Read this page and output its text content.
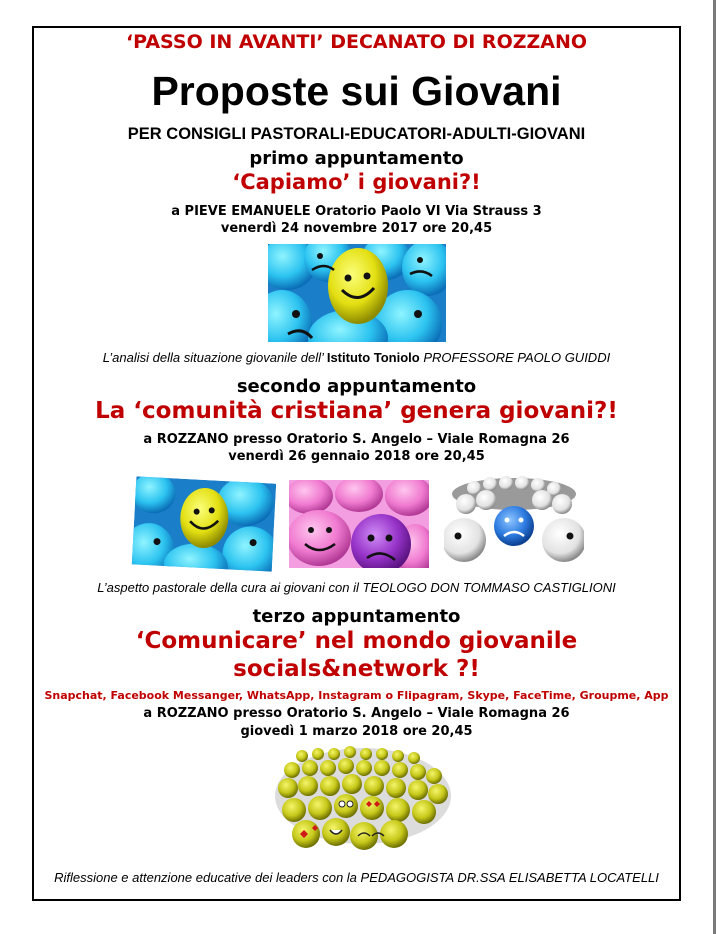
‘PASSO IN AVANTI’ DECANATO DI ROZZANO
Proposte sui Giovani
PER CONSIGLI PASTORALI-EDUCATORI-ADULTI-GIOVANI
primo appuntamento
‘Capiamo’ i giovani?!
a PIEVE EMANUELE Oratorio Paolo VI Via Strauss 3
venerdì 24 novembre 2017 ore 20,45
L’analisi della situazione giovanile dell’ Istituto Toniolo PROFESSORE PAOLO GUIDDI
secondo appuntamento
La ‘comunità cristiana’ genera giovani?!
a ROZZANO presso Oratorio S. Angelo – Viale Romagna 26
venerdì 26 gennaio 2018 ore 20,45
L’aspetto pastorale della cura ai giovani con il TEOLOGO DON TOMMASO CASTIGLIONI
terzo appuntamento
‘Comunicare’ nel mondo giovanile
socials&network ?!
Snapchat, Facebook Messanger, WhatsApp, Instagram o Flipagram, Skype, FaceTime, Groupme, App
a ROZZANO presso Oratorio S. Angelo – Viale Romagna 26
giovedì 1 marzo 2018 ore 20,45
Riflessione e attenzione educative dei leaders con la PEDAGOGISTA DR.SSA ELISABETTA LOCATELLI
